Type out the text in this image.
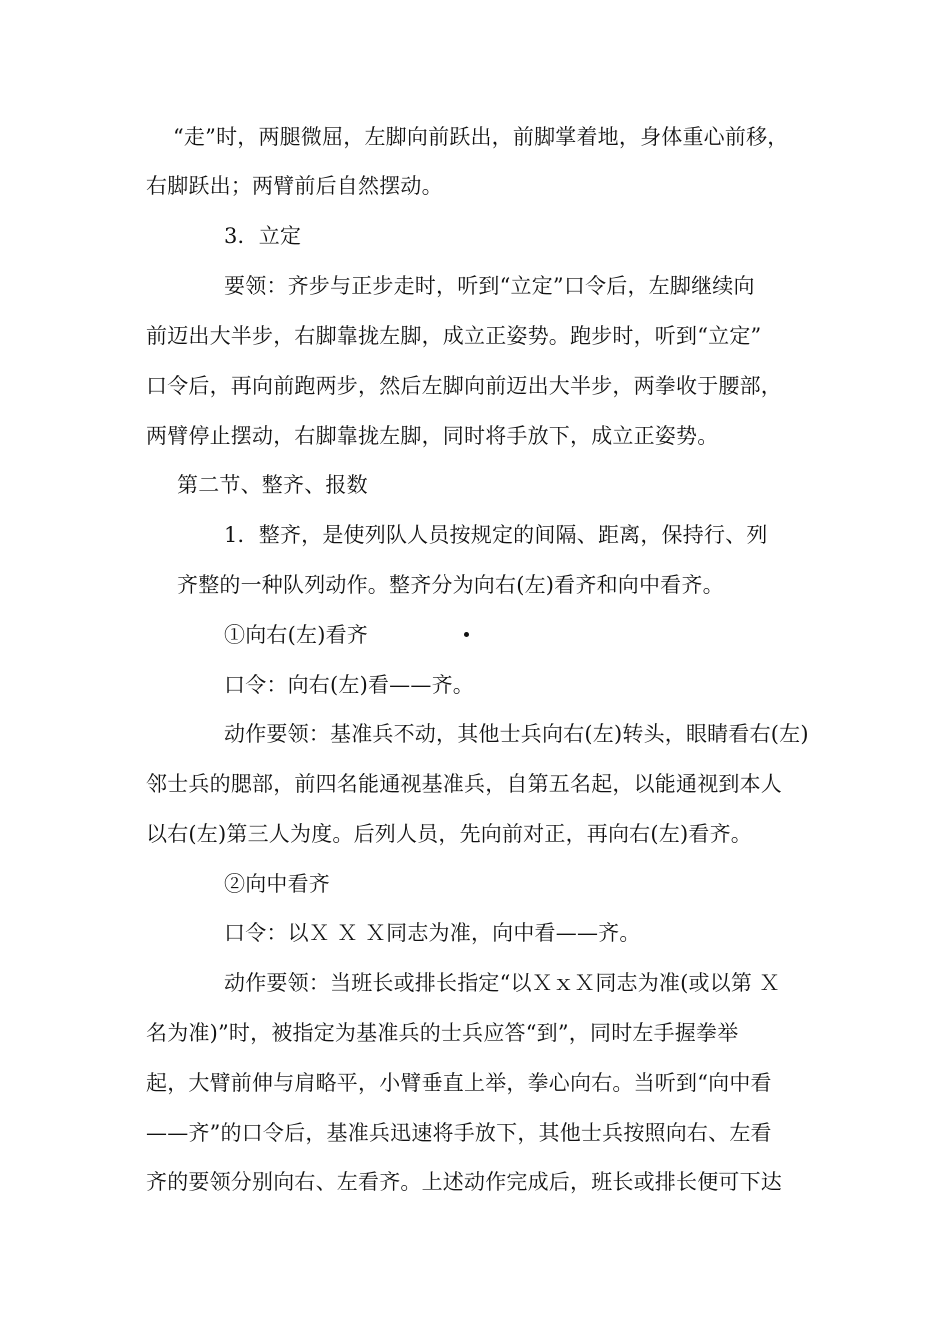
“走”时，两腿微屈，左脚向前跃出，前脚掌着地，身体重心前移，
右脚跃出；两臂前后自然摆动。
3．立定
要领：齐步与正步走时，听到“立定”口令后，左脚继续向
前迈出大半步，右脚靠拢左脚，成立正姿势。跑步时，听到“立定”
口令后，再向前跑两步，然后左脚向前迈出大半步，两拳收于腰部，
两臂停止摆动，右脚靠拢左脚，同时将手放下，成立正姿势。
第二节、整齐、报数
1．整齐，是使列队人员按规定的间隔、距离，保持行、列
齐整的一种队列动作。整齐分为向右(左)看齐和向中看齐。
①向右(左)看齐
口令：向右(左)看——齐。
动作要领：基准兵不动，其他士兵向右(左)转头，眼睛看右(左)
邻士兵的腮部，前四名能通视基准兵，自第五名起，以能通视到本人
以右(左)第三人为度。后列人员，先向前对正，再向右(左)看齐。
②向中看齐
口令：以Ｘ Ｘ Ｘ同志为准，向中看——齐。
动作要领：当班长或排长指定“以ＸｘＸ同志为准(或以第 Ｘ
名为准)”时，被指定为基准兵的士兵应答“到”，同时左手握拳举
起，大臂前伸与肩略平，小臂垂直上举，拳心向右。当听到“向中看
——齐”的口令后，基准兵迅速将手放下，其他士兵按照向右、左看
齐的要领分别向右、左看齐。上述动作完成后，班长或排长便可下达
